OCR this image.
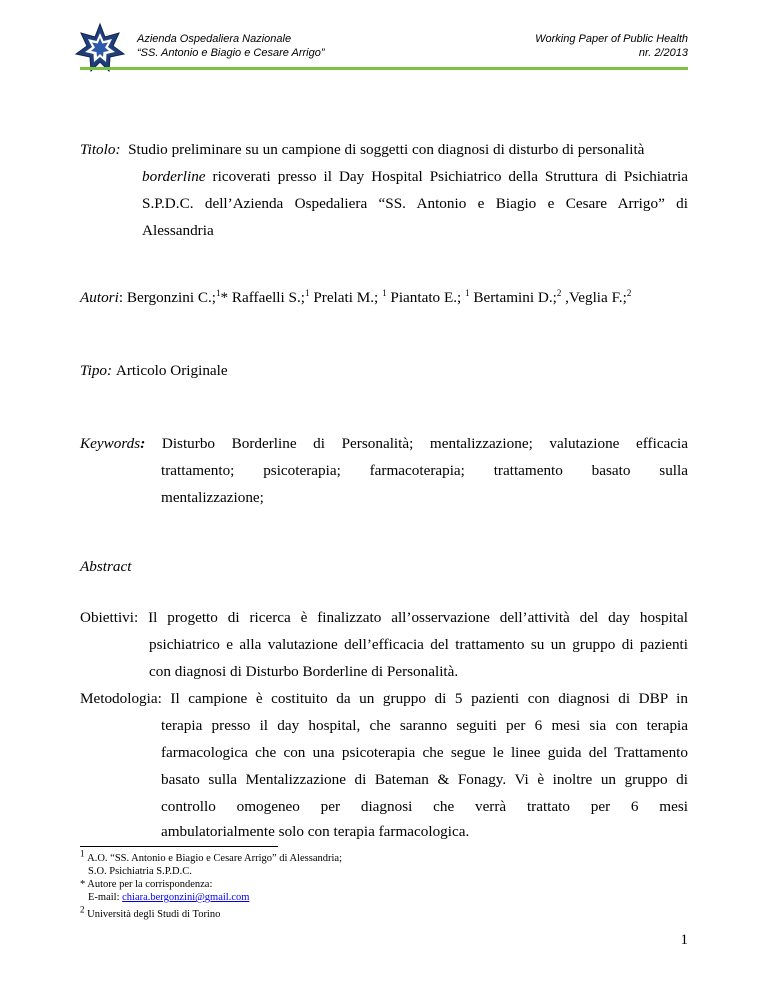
Azienda Ospedaliera Nazionale
“SS. Antonio e Biagio e Cesare Arrigo”
Working Paper of Public Health
nr. 2/2013
Titolo: Studio preliminare su un campione di soggetti con diagnosi di disturbo di personalità
borderline ricoverati presso il Day Hospital Psichiatrico della Struttura di Psichiatria
S.P.D.C. dell’Azienda Ospedaliera “SS. Antonio e Biagio e Cesare Arrigo” di
Alessandria
Autori: Bergonzini C.;$^1$* Raffaelli S.;$^1$ Prelati M.; $^1$ Piantato E.; $^1$ Bertamini D.;$^2$ ,Veglia F.;$^2$
Tipo: Articolo Originale
Keywords: Disturbo Borderline di Personalità; mentalizzazione; valutazione efficacia
trattamento; psicoterapia; farmacoterapia; trattamento basato sulla
mentalizzazione;
Abstract
Obiettivi: Il progetto di ricerca è finalizzato all’osservazione dell’attività del day hospital
psichiatrico e alla valutazione dell’efficacia del trattamento su un gruppo di pazienti
con diagnosi di Disturbo Borderline di Personalità.
Metodologia: Il campione è costituito da un gruppo di 5 pazienti con diagnosi di DBP in
terapia presso il day hospital, che saranno seguiti per 6 mesi sia con terapia
farmacologica che con una psicoterapia che segue le linee guida del Trattamento
basato sulla Mentalizzazione di Bateman & Fonagy. Vi è inoltre un gruppo di
controllo omogeneo per diagnosi che verrà trattato per 6 mesi
ambulatorialmente solo con terapia farmacologica.
$^1$ A.O. “SS. Antonio e Biagio e Cesare Arrigo” di Alessandria;
S.O. Psichiatria S.P.D.C.
* Autore per la corrispondenza:
E-mail: chiara.bergonzini@gmail.com
$^2$ Università degli Studi di Torino
1
